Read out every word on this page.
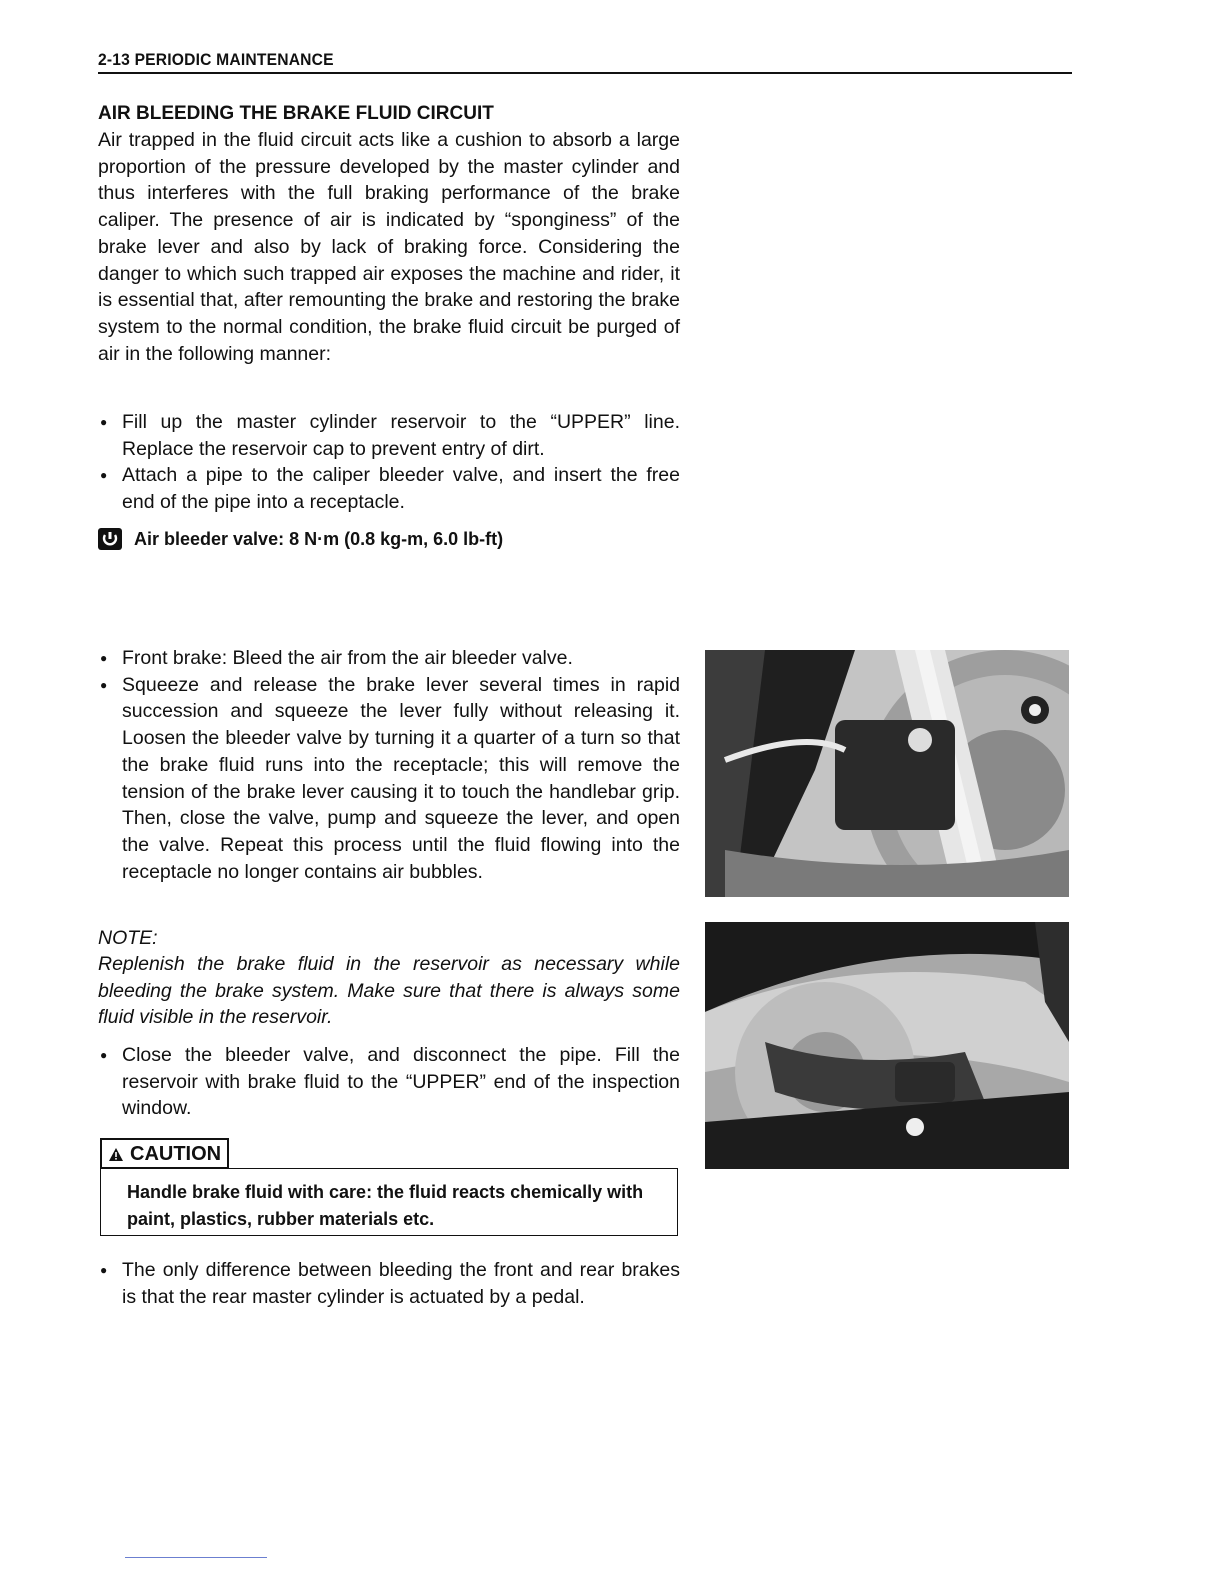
2-13 PERIODIC MAINTENANCE

AIR BLEEDING THE BRAKE FLUID CIRCUIT

Air trapped in the fluid circuit acts like a cushion to absorb a large proportion of the pressure developed by the master cylinder and thus interferes with the full braking performance of the brake caliper. The presence of air is indicated by “sponginess” of the brake lever and also by lack of braking force. Considering the danger to which such trapped air exposes the machine and rider, it is essential that, after remounting the brake and restoring the brake system to the normal condition, the brake fluid circuit be purged of air in the following manner:

● Fill up the master cylinder reservoir to the “UPPER” line. Replace the reservoir cap to prevent entry of dirt.
● Attach a pipe to the caliper bleeder valve, and insert the free end of the pipe into a receptacle.
Air bleeder valve: 8 N·m (0.8 kg-m, 6.0 lb-ft)
● Front brake: Bleed the air from the air bleeder valve.
● Squeeze and release the brake lever several times in rapid succession and squeeze the lever fully without releasing it. Loosen the bleeder valve by turning it a quarter of a turn so that the brake fluid runs into the receptacle; this will remove the tension of the brake lever causing it to touch the handlebar grip. Then, close the valve, pump and squeeze the lever, and open the valve. Repeat this process until the fluid flowing into the receptacle no longer contains air bubbles.

NOTE:

Replenish the brake fluid in the reservoir as necessary while bleeding the brake system. Make sure that there is always some fluid visible in the reservoir.

● Close the bleeder valve, and disconnect the pipe. Fill the reservoir with brake fluid to the “UPPER” end of the inspection window.
CAUTION

Handle brake fluid with care: the fluid reacts chemically with paint, plastics, rubber materials etc.

● The only difference between bleeding the front and rear brakes is that the rear master cylinder is actuated by a pedal.
